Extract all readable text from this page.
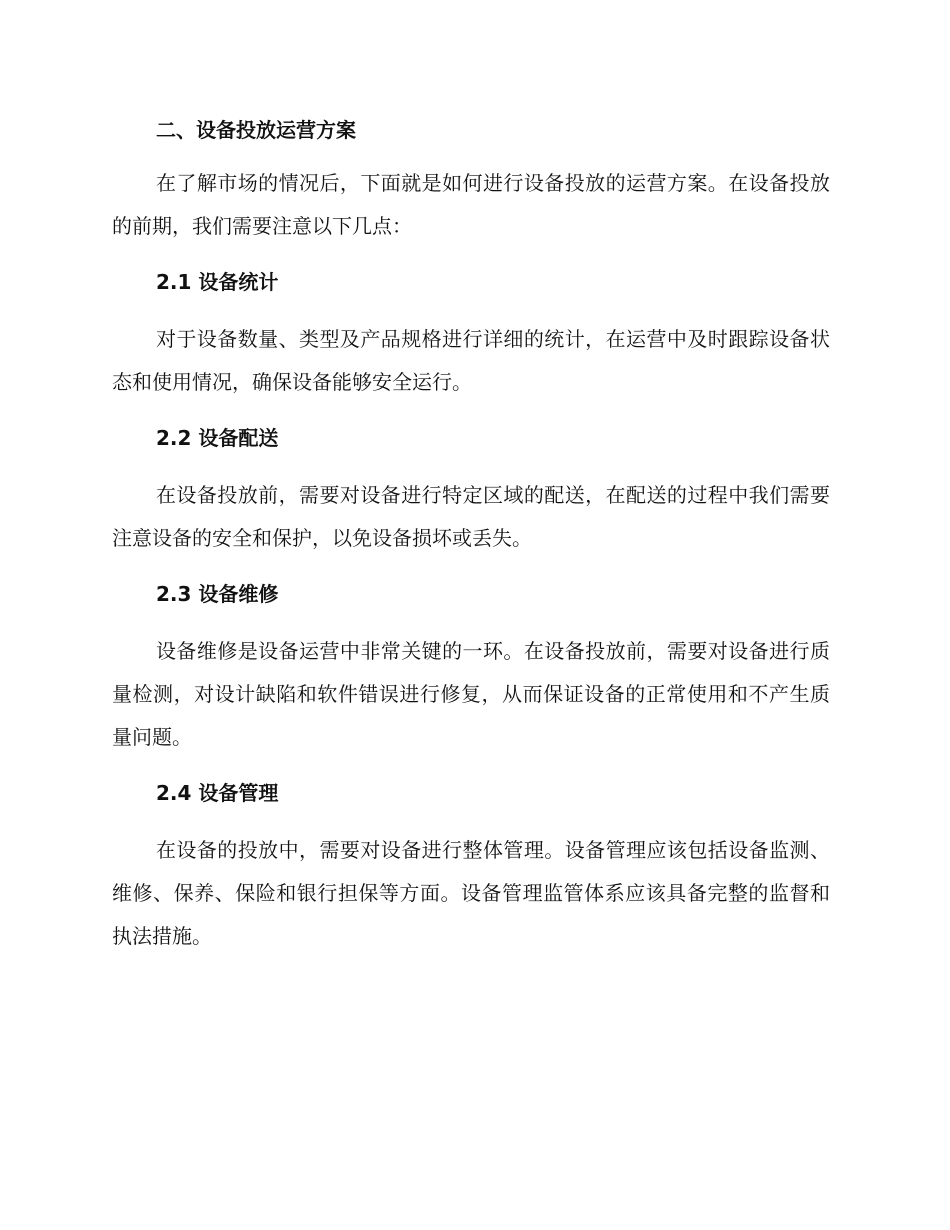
二、设备投放运营方案

在了解市场的情况后，下面就是如何进行设备投放的运营方案。在设备投放的前期，我们需要注意以下几点：

2.1 设备统计

对于设备数量、类型及产品规格进行详细的统计，在运营中及时跟踪设备状态和使用情况，确保设备能够安全运行。

2.2 设备配送

在设备投放前，需要对设备进行特定区域的配送，在配送的过程中我们需要注意设备的安全和保护，以免设备损坏或丢失。

2.3 设备维修

设备维修是设备运营中非常关键的一环。在设备投放前，需要对设备进行质量检测，对设计缺陷和软件错误进行修复，从而保证设备的正常使用和不产生质量问题。

2.4 设备管理

在设备的投放中，需要对设备进行整体管理。设备管理应该包括设备监测、维修、保养、保险和银行担保等方面。设备管理监管体系应该具备完整的监督和执法措施。
